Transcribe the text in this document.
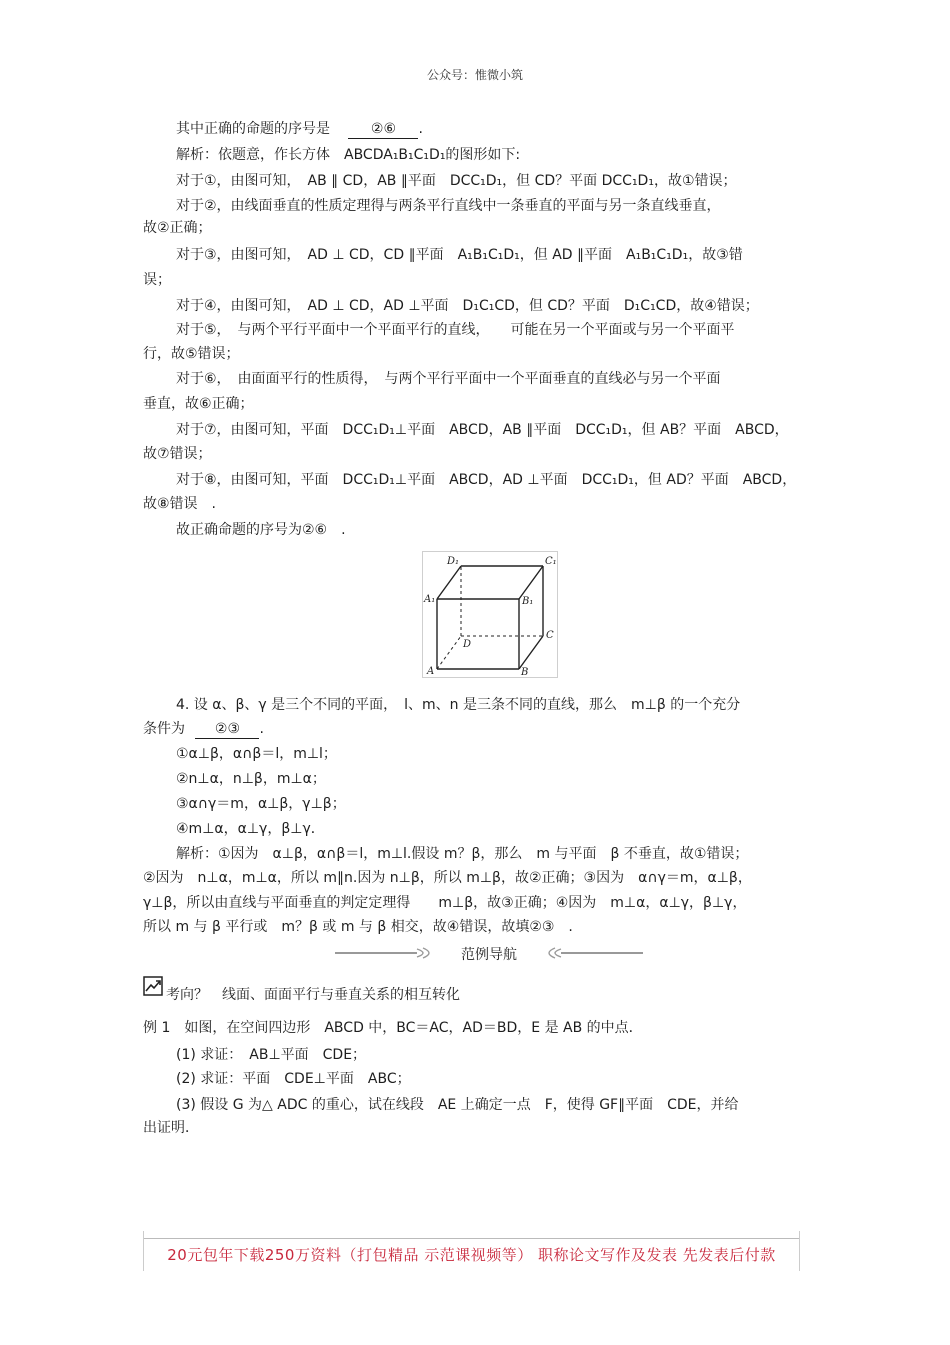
公众号：惟微小筑
其中正确的命题的序号是	②⑥ .
解析：依题意，作长方体　ABCDA₁B₁C₁D₁的图形如下:
对于①，由图可知，　AB ∥ CD，AB ∥平面　DCC₁D₁，但 CD？平面 DCC₁D₁，故①错误；
对于②，由线面垂直的性质定理得与两条平行直线中一条垂直的平面与另一条直线垂直，
故②正确；
对于③，由图可知，　AD ⊥ CD，CD ∥平面　A₁B₁C₁D₁，但 AD ∥平面　A₁B₁C₁D₁，故③错
误；
对于④，由图可知，　AD ⊥ CD，AD ⊥平面　D₁C₁CD，但 CD？平面　D₁C₁CD，故④错误；
对于⑤，　与两个平行平面中一个平面平行的直线，　　可能在另一个平面或与另一个平面平
行，故⑤错误；
对于⑥，　由面面平行的性质得，　与两个平行平面中一个平面垂直的直线必与另一个平面
垂直，故⑥正确；
对于⑦，由图可知，平面　DCC₁D₁⊥平面　ABCD，AB ∥平面　DCC₁D₁，但 AB？平面　ABCD，
故⑦错误；
对于⑧，由图可知，平面　DCC₁D₁⊥平面　ABCD，AD ⊥平面　DCC₁D₁，但 AD？平面　ABCD，
故⑧错误　.
故正确命题的序号为②⑥　.
D₁	C₁
A₁	B₁
D
C
A	B
4. 设 α、β、γ 是三个不同的平面，　l、m、n 是三条不同的直线，那么　m⊥β 的一个充分
条件为 ②③ .
①α⊥β，α∩β＝l，m⊥l；
②n⊥α，n⊥β，m⊥α；
③α∩γ＝m，α⊥β，γ⊥β；
④m⊥α，α⊥γ，β⊥γ．
解析：①因为　α⊥β，α∩β＝l，m⊥l.假设 m？β，那么　m 与平面　β 不垂直，故①错误；
②因为　n⊥α，m⊥α，所以 m∥n.因为 n⊥β，所以 m⊥β，故②正确；③因为　α∩γ＝m，α⊥β，
γ⊥β，所以由直线与平面垂直的判定定理得　　m⊥β，故③正确；④因为　m⊥α，α⊥γ，β⊥γ，
所以 m 与 β 平行或　m？β 或 m 与 β 相交，故④错误，故填②③　.
范例导航
考向？　线面、面面平行与垂直关系的相互转化
例 1　如图，在空间四边形　ABCD 中，BC＝AC，AD＝BD，E 是 AB 的中点．
(1) 求证：　AB⊥平面　CDE；
(2) 求证：平面　CDE⊥平面　ABC；
(3) 假设 G 为△ ADC 的重心，试在线段　AE 上确定一点　F，使得 GF∥平面　CDE，并给
出证明．
20元包年下载250万资料（打包精品 示范课视频等） 职称论文写作及发表 先发表后付款
